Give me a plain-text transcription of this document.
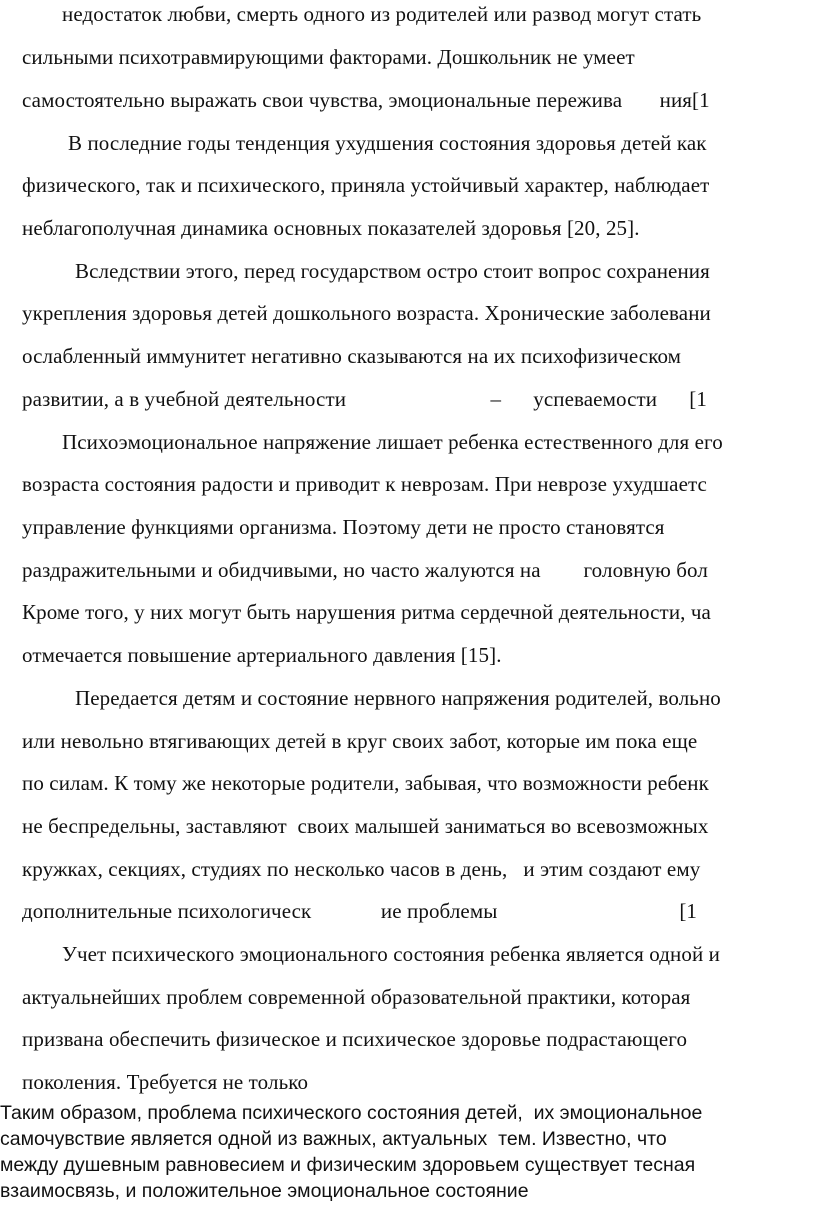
недостаток любви, смерть одного из родителей или развод могут стать
сильными психотравмирующими факторами. Дошкольник не умеет
самостоятельно выражать свои чувства, эмоциональные пережива       ния[1
В последние годы тенденция ухудшения состояния здоровья детей как
физического, так и психического, приняла устойчивый характер, наблюдает
неблагополучная динамика основных показателей здоровья [20, 25].
Вследствии этого, перед государством остро стоит вопрос сохранения
укрепления здоровья детей дошкольного возраста. Хронические заболевани
ослабленный иммунитет негативно сказываются на их психофизическом
развитии, а в учебной деятельности                           –      успеваемости      [1
Психоэмоциональное напряжение лишает ребенка естественного для его
возраста состояния радости и приводит к неврозам. При неврозе ухудшаетс
управление функциями организма. Поэтому дети не просто становятся
раздражительными и обидчивыми, но часто жалуются на        головную бол
Кроме того, у них могут быть нарушения ритма сердечной деятельности, ча
отмечается повышение артериального давления [15].
Передается детям и состояние нервного напряжения родителей, вольно
или невольно втягивающих детей в круг своих забот, которые им пока еще
по силам. К тому же некоторые родители, забывая, что возможности ребенк
не беспредельны, заставляют  своих малышей заниматься во всевозможных
кружках, секциях, студиях по несколько часов в день,   и этим создают ему
дополнительные психологическ             ие проблемы                                  [1
Учет психического эмоционального состояния ребенка является одной и
актуальнейших проблем современной образовательной практики, которая
призвана обеспечить физическое и психическое здоровье подрастающего
поколения. Требуется не только
Таким образом, проблема психического состояния детей,  их эмоциональное
самочувствие является одной из важных, актуальных  тем. Известно, что
между душевным равновесием и физическим здоровьем существует тесная
взаимосвязь, и положительное эмоциональное состояние
